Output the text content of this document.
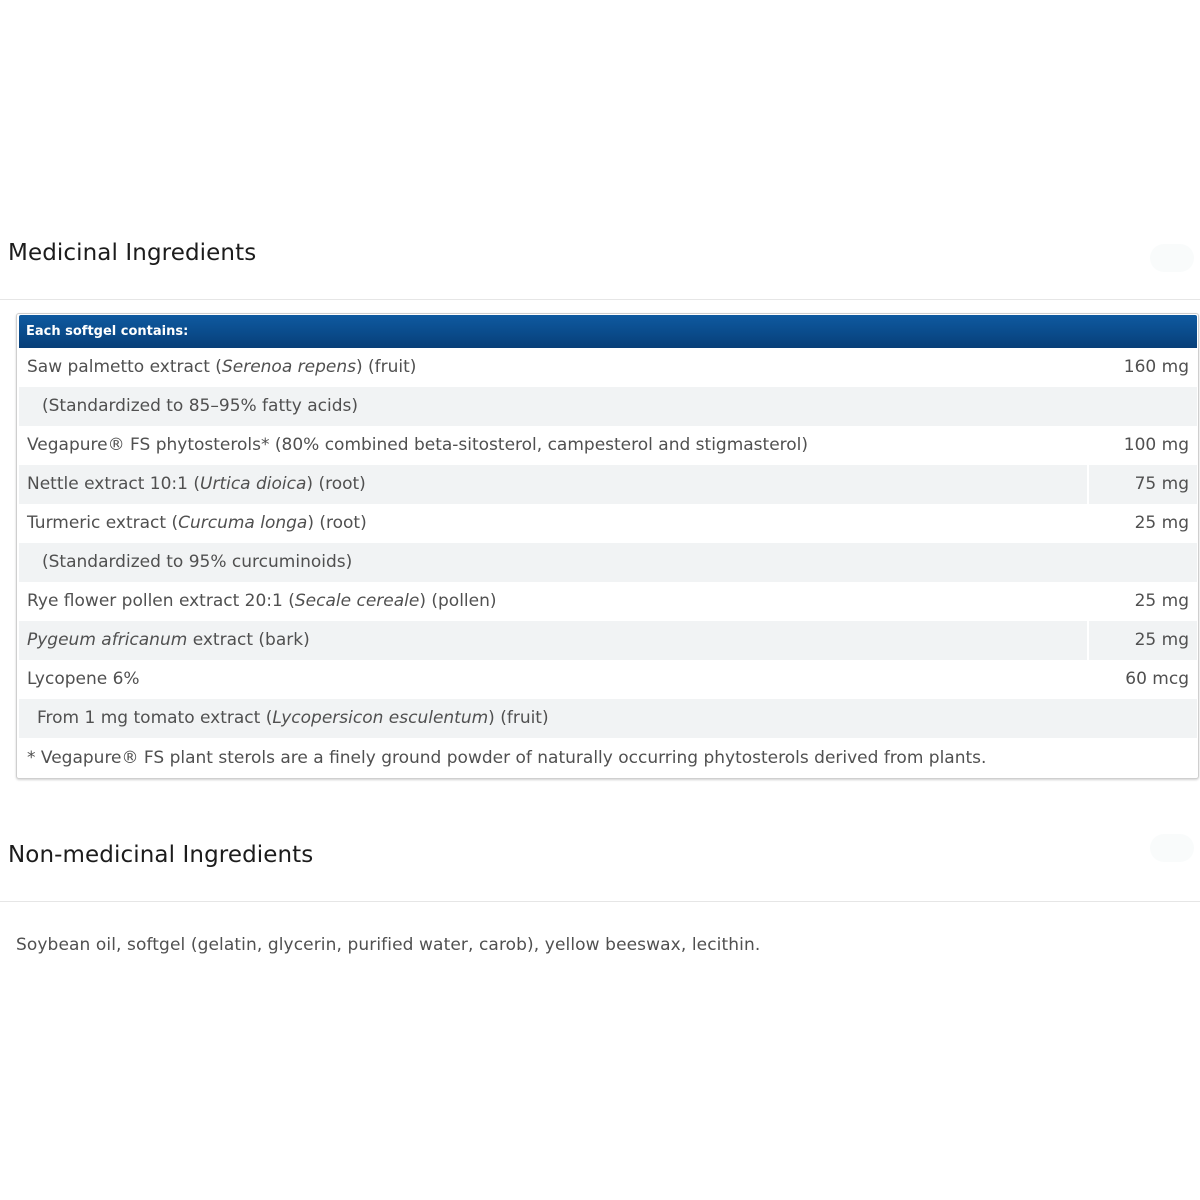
Medicinal Ingredients
Each softgel contains:
Saw palmetto extract (Serenoa repens) (fruit)	160 mg
(Standardized to 85–95% fatty acids)
Vegapure® FS phytosterols* (80% combined beta-sitosterol, campesterol and stigmasterol)	100 mg
Nettle extract 10:1 (Urtica dioica) (root)	75 mg
Turmeric extract (Curcuma longa) (root)	25 mg
(Standardized to 95% curcuminoids)
Rye flower pollen extract 20:1 (Secale cereale) (pollen)	25 mg
Pygeum africanum extract (bark)	25 mg
Lycopene 6%	60 mcg
From 1 mg tomato extract (Lycopersicon esculentum) (fruit)
* Vegapure® FS plant sterols are a finely ground powder of naturally occurring phytosterols derived from plants.
Non-medicinal Ingredients

Soybean oil, softgel (gelatin, glycerin, purified water, carob), yellow beeswax, lecithin.
